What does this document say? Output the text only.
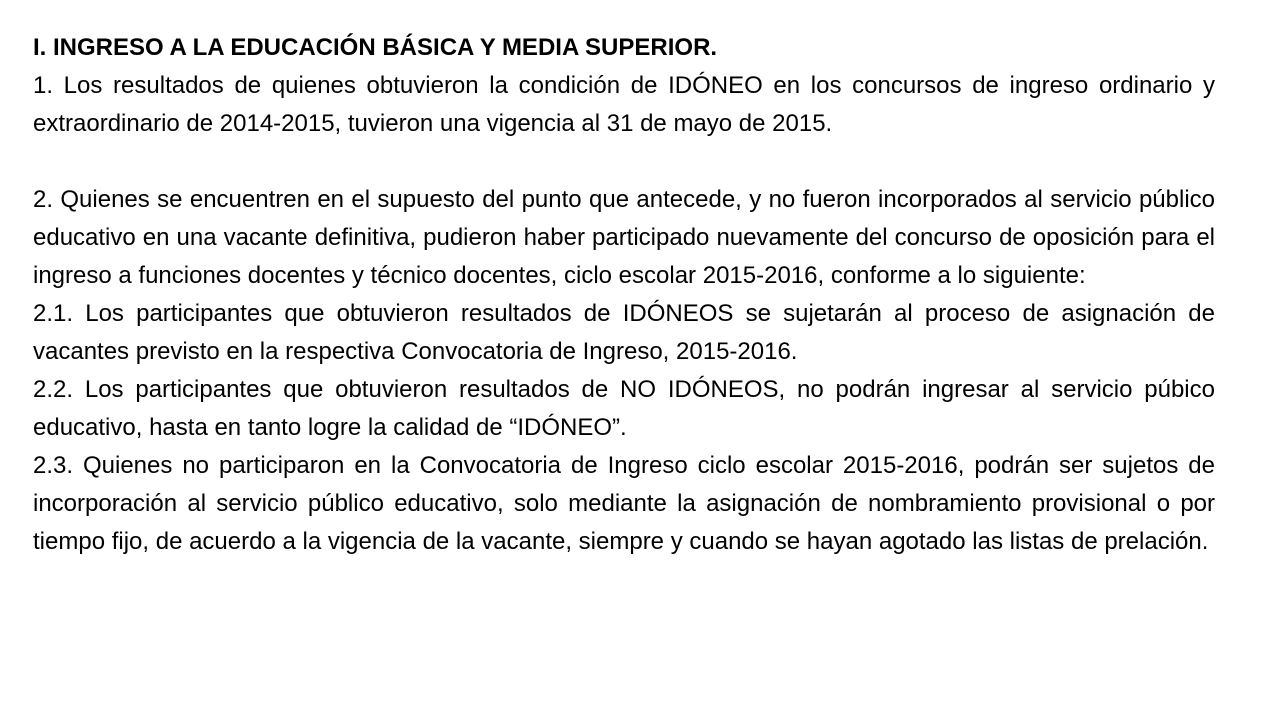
I. INGRESO A LA EDUCACIÓN BÁSICA Y MEDIA SUPERIOR.

1. Los resultados de quienes obtuvieron la condición de IDÓNEO en los concursos de ingreso ordinario y extraordinario de 2014-2015, tuvieron una vigencia al 31 de mayo de 2015.

2. Quienes se encuentren en el supuesto del punto que antecede, y no fueron incorporados al servicio público educativo en una vacante definitiva, pudieron haber participado nuevamente del concurso de oposición para el ingreso a funciones docentes y técnico docentes, ciclo escolar 2015-2016, conforme a lo siguiente:

2.1. Los participantes que obtuvieron resultados de IDÓNEOS se sujetarán al proceso de asignación de vacantes previsto en la respectiva Convocatoria de Ingreso, 2015-2016.

2.2. Los participantes que obtuvieron resultados de NO IDÓNEOS, no podrán ingresar al servicio púbico educativo, hasta en tanto logre la calidad de “IDÓNEO”.

2.3. Quienes no participaron en la Convocatoria de Ingreso ciclo escolar 2015-2016, podrán ser sujetos de incorporación al servicio público educativo, solo mediante la asignación de nombramiento provisional o por tiempo fijo, de acuerdo a la vigencia de la vacante, siempre y cuando se hayan agotado las listas de prelación.
